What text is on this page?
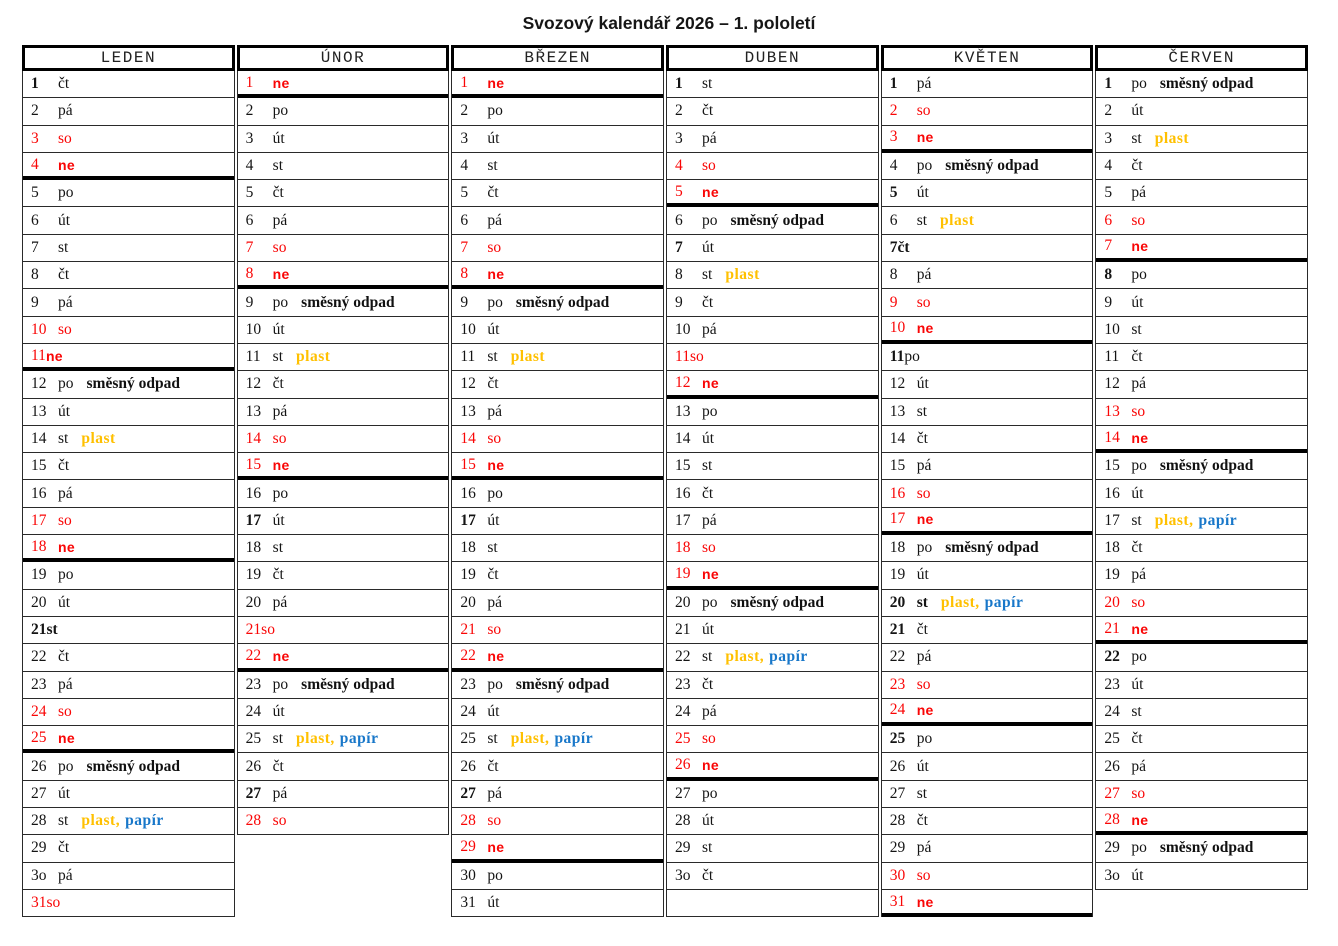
Svozový kalendář 2026 – 1. pololetí
LEDEN
1	čt
2	pá
3	so
4	ne
5	po
6	út
7	st
8	čt
9	pá
10 so
11 ne
12 po směsný odpad
13 út
14 st plast
15 čt
16 pá
17 so
18 ne
19 po
20 út
21 st
22 čt
23 pá
24 so
25 ne
26 po směsný odpad
27 út
28 st plast, papír
29 čt
3o pá
31 so
ÚNOR
1	ne
2	po
3	út
4	st
5	čt
6	pá
7	so
8	ne
9	po směsný odpad
10 út
11 st plast
12 čt
13 pá
14 so
15 ne
16 po
17 út
18 st
19 čt
20 pá
21 so
22 ne
23 po směsný odpad
24 út
25 st plast, papír
26 čt
27 pá
28 so
BŘEZEN
1	ne
2	po
3	út
4	st
5	čt
6	pá
7	so
8	ne
9	po směsný odpad
10 út
11 st plast
12 čt
13 pá
14 so
15 ne
16 po
17 út
18 st
19 čt
20 pá
21 so
22 ne
23 po směsný odpad
24 út
25 st plast, papír
26 čt
27 pá
28 so
29 ne
30 po
31 út
DUBEN
1	st
2	čt
3	pá
4	so
5	ne
6	po směsný odpad
7	út
8	st plast
9	čt
10 pá
11 so
12 ne
13 po
14 út
15 st
16 čt
17 pá
18 so
19 ne
20 po směsný odpad
21 út
22 st plast, papír
23 čt
24 pá
25 so
26 ne
27 po
28 út
29 st
3o čt
KVĚTEN
1	pá
2	so
3	ne
4	po směsný odpad
5	út
6	st plast
7 čt
8	pá
9	so
10 ne
11 po
12 út
13 st
14 čt
15 pá
16 so
17 ne
18 po směsný odpad
19 út
20 st plast, papír
21 čt
22 pá
23 so
24 ne
25 po
26 út
27 st
28 čt
29 pá
30 so
31 ne
ČERVEN
1	po směsný odpad
2	út
3	st plast
4	čt
5	pá
6	so
7	ne
8	po
9	út
10 st
11 čt
12 pá
13 so
14 ne
15 po směsný odpad
16 út
17 st plast, papír
18 čt
19 pá
20 so
21 ne
22 po
23 út
24 st
25 čt
26 pá
27 so
28 ne
29 po směsný odpad
3o út
